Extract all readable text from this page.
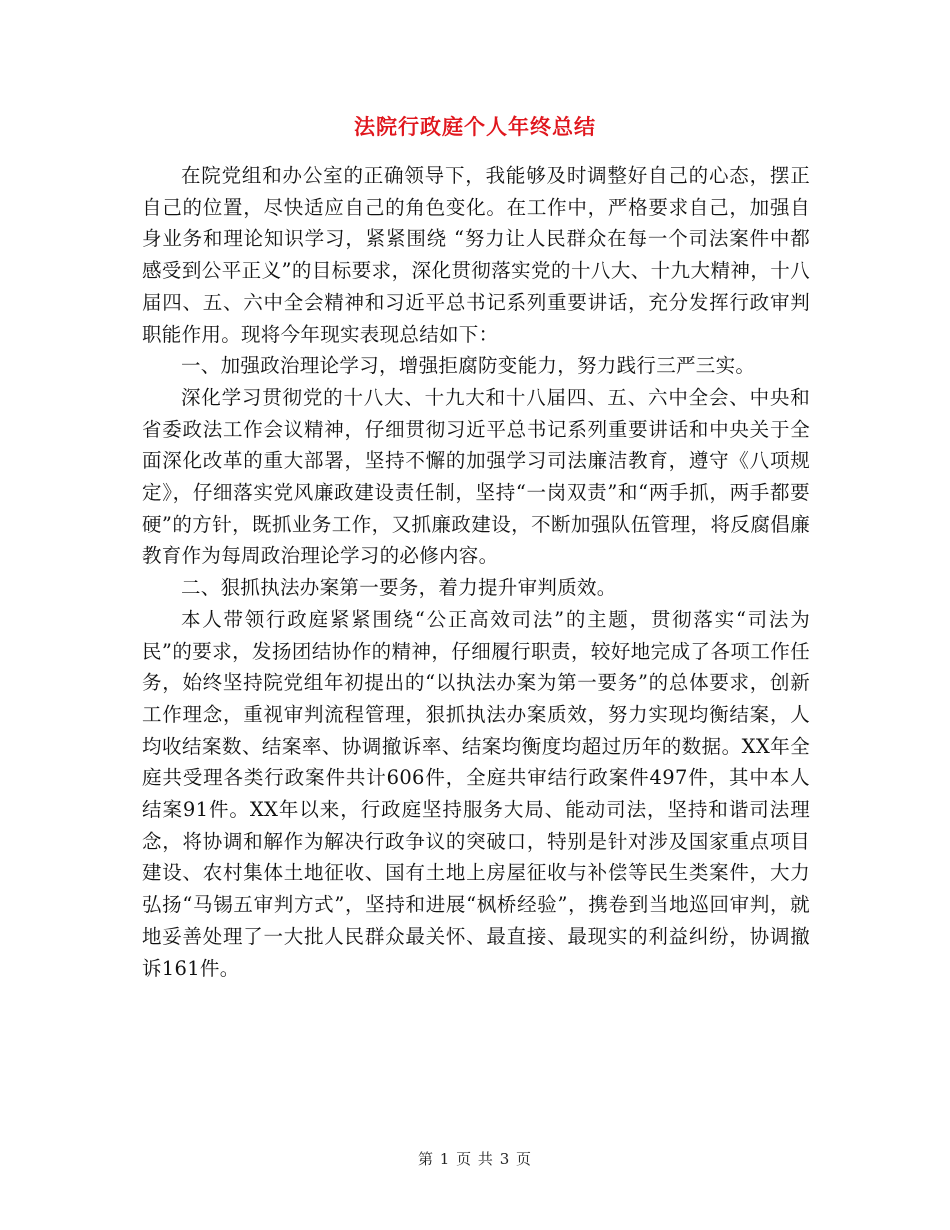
法院行政庭个人年终总结

在院党组和办公室的正确领导下，我能够及时调整好自己的心态，摆正自己的位置，尽快适应自己的角色变化。在工作中，严格要求自己，加强自身业务和理论知识学习，紧紧围绕 “努力让人民群众在每一个司法案件中都感受到公平正义”的目标要求，深化贯彻落实党的十八大、十九大精神，十八届四、五、六中全会精神和习近平总书记系列重要讲话，充分发挥行政审判职能作用。现将今年现实表现总结如下：

一、加强政治理论学习，增强拒腐防变能力，努力践行三严三实。

深化学习贯彻党的十八大、十九大和十八届四、五、六中全会、中央和省委政法工作会议精神，仔细贯彻习近平总书记系列重要讲话和中央关于全面深化改革的重大部署，坚持不懈的加强学习司法廉洁教育，遵守《八项规定》，仔细落实党风廉政建设责任制，坚持“一岗双责”和“两手抓，两手都要硬”的方针，既抓业务工作，又抓廉政建设，不断加强队伍管理，将反腐倡廉教育作为每周政治理论学习的必修内容。

二、狠抓执法办案第一要务，着力提升审判质效。

本人带领行政庭紧紧围绕“公正高效司法”的主题，贯彻落实“司法为民”的要求，发扬团结协作的精神，仔细履行职责，较好地完成了各项工作任务，始终坚持院党组年初提出的“以执法办案为第一要务”的总体要求，创新工作理念，重视审判流程管理，狠抓执法办案质效，努力实现均衡结案，人均收结案数、结案率、协调撤诉率、结案均衡度均超过历年的数据。XX年全庭共受理各类行政案件共计606件，全庭共审结行政案件497件，其中本人结案91件。XX年以来，行政庭坚持服务大局、能动司法，坚持和谐司法理念，将协调和解作为解决行政争议的突破口，特别是针对涉及国家重点项目建设、农村集体土地征收、国有土地上房屋征收与补偿等民生类案件，大力弘扬“马锡五审判方式”，坚持和进展“枫桥经验”，携卷到当地巡回审判，就地妥善处理了一大批人民群众最关怀、最直接、最现实的利益纠纷，协调撤诉161件。

第 1 页 共 3 页
